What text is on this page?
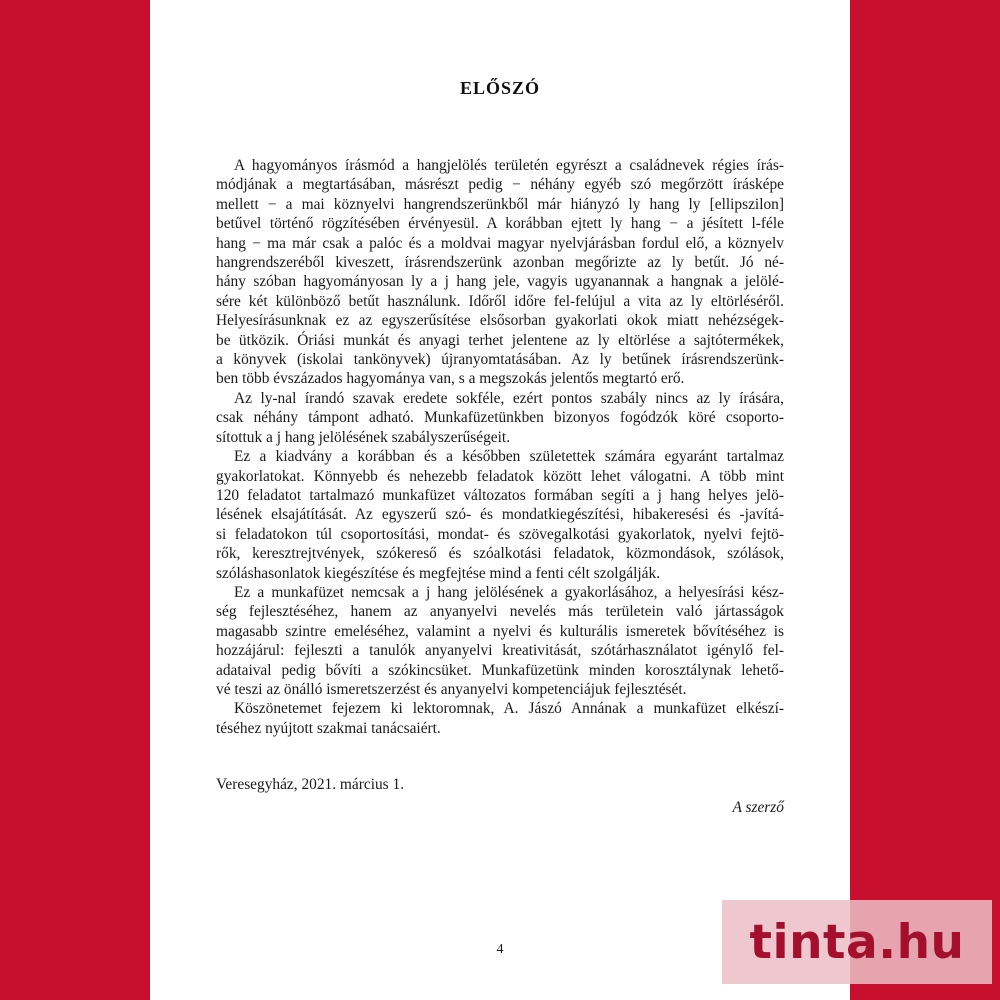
ELŐSZÓ
A hagyományos írásmód a hangjelölés területén egyrészt a családnevek régies írás-
módjának a megtartásában, másrészt pedig − néhány egyéb szó megőrzött írásképe
mellett − a mai köznyelvi hangrendszerünkből már hiányzó ly hang ly [ellipszilon]
betűvel történő rögzítésében érvényesül. A korábban ejtett ly hang − a jésített l-féle
hang − ma már csak a palóc és a moldvai magyar nyelvjárásban fordul elő, a köznyelv
hangrendszeréből kiveszett, írásrendszerünk azonban megőrizte az ly betűt. Jó né-
hány szóban hagyományosan ly a j hang jele, vagyis ugyanannak a hangnak a jelölé-
sére két különböző betűt használunk. Időről időre fel-felújul a vita az ly eltörléséről.
Helyesírásunknak ez az egyszerűsítése elsősorban gyakorlati okok miatt nehézségek-
be ütközik. Óriási munkát és anyagi terhet jelentene az ly eltörlése a sajtótermékek,
a könyvek (iskolai tankönyvek) újranyomtatásában. Az ly betűnek írásrendszerünk-
ben több évszázados hagyománya van, s a megszokás jelentős megtartó erő.
Az ly-nal írandó szavak eredete sokféle, ezért pontos szabály nincs az ly írására,
csak néhány támpont adható. Munkafüzetünkben bizonyos fogódzók köré csoporto-
sítottuk a j hang jelölésének szabályszerűségeit.
Ez a kiadvány a korábban és a későbben születettek számára egyaránt tartalmaz
gyakorlatokat. Könnyebb és nehezebb feladatok között lehet válogatni. A több mint
120 feladatot tartalmazó munkafüzet változatos formában segíti a j hang helyes jelö-
lésének elsajátítását. Az egyszerű szó- és mondatkiegészítési, hibakeresési és -javítá-
si feladatokon túl csoportosítási, mondat- és szövegalkotási gyakorlatok, nyelvi fejtö-
rők, keresztrejtvények, szókereső és szóalkotási feladatok, közmondások, szólások,
szóláshasonlatok kiegészítése és megfejtése mind a fenti célt szolgálják.
Ez a munkafüzet nemcsak a j hang jelölésének a gyakorlásához, a helyesírási kész-
ség fejlesztéséhez, hanem az anyanyelvi nevelés más területein való jártasságok
magasabb szintre emeléséhez, valamint a nyelvi és kulturális ismeretek bővítéséhez is
hozzájárul: fejleszti a tanulók anyanyelvi kreativitását, szótárhasználatot igénylő fel-
adataival pedig bővíti a szókincsüket. Munkafüzetünk minden korosztálynak lehető-
vé teszi az önálló ismeretszerzést és anyanyelvi kompetenciájuk fejlesztését.
Köszönetemet fejezem ki lektoromnak, A. Jászó Annának a munkafüzet elkészí-
téséhez nyújtott szakmai tanácsaiért.
Veresegyház, 2021. március 1.
A szerző
4	tinta.hu
